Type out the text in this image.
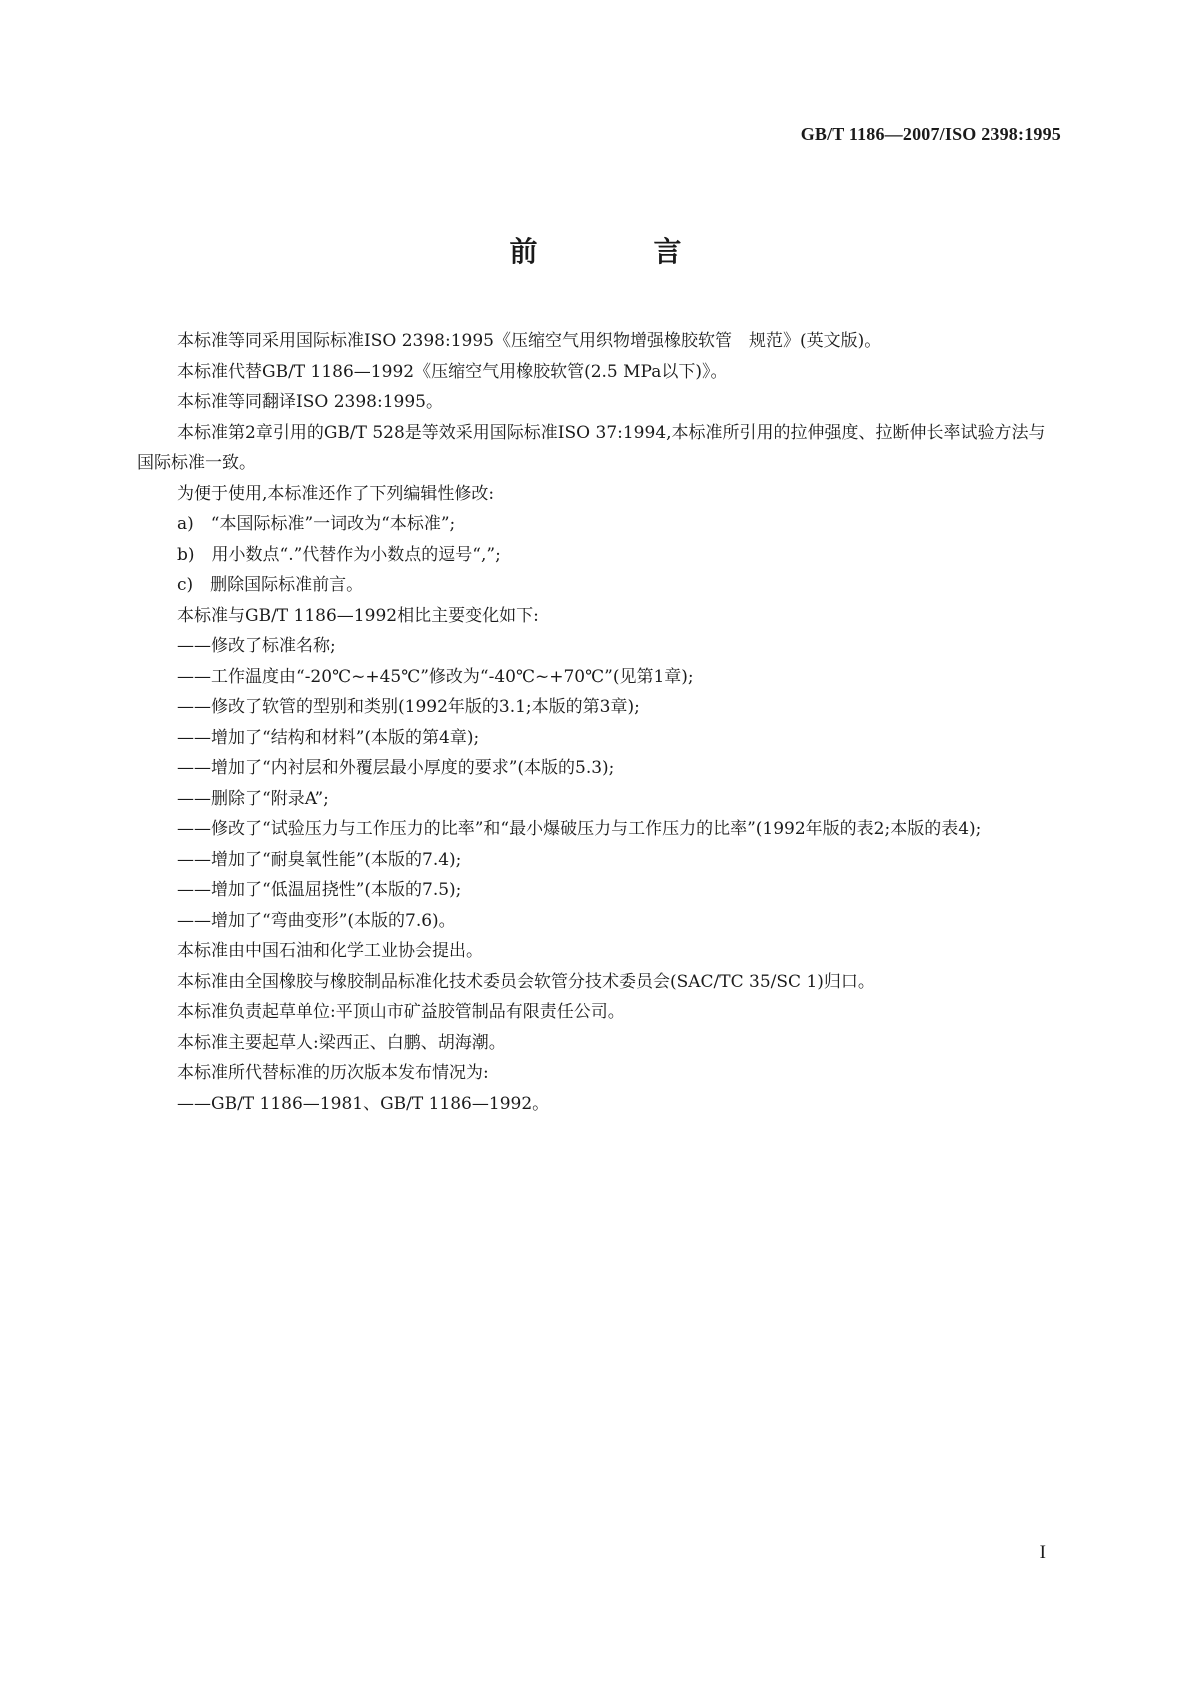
GB/T 1186—2007/ISO 2398:1995
前　言

本标准等同采用国际标准ISO 2398:1995《压缩空气用织物增强橡胶软管　规范》(英文版)。

本标准代替GB/T 1186—1992《压缩空气用橡胶软管(2.5 MPa以下)》。

本标准等同翻译ISO 2398:1995。

本标准第2章引用的GB/T 528是等效采用国际标准ISO 37:1994,本标准所引用的拉伸强度、拉断伸长率试验方法与国际标准一致。

为便于使用,本标准还作了下列编辑性修改:

a)　“本国际标准”一词改为“本标准”;

b)　用小数点“.”代替作为小数点的逗号“,”;

c)　删除国际标准前言。

本标准与GB/T 1186—1992相比主要变化如下:

——修改了标准名称;

——工作温度由“-20℃~+45℃”修改为“-40℃~+70℃”(见第1章);

——修改了软管的型别和类别(1992年版的3.1;本版的第3章);

——增加了“结构和材料”(本版的第4章);

——增加了“内衬层和外覆层最小厚度的要求”(本版的5.3);

——删除了“附录A”;

——修改了“试验压力与工作压力的比率”和“最小爆破压力与工作压力的比率”(1992年版的表2;本版的表4);

——增加了“耐臭氧性能”(本版的7.4);

——增加了“低温屈挠性”(本版的7.5);

——增加了“弯曲变形”(本版的7.6)。

本标准由中国石油和化学工业协会提出。

本标准由全国橡胶与橡胶制品标准化技术委员会软管分技术委员会(SAC/TC 35/SC 1)归口。

本标准负责起草单位:平顶山市矿益胶管制品有限责任公司。

本标准主要起草人:梁西正、白鹏、胡海潮。

本标准所代替标准的历次版本发布情况为:

——GB/T 1186—1981、GB/T 1186—1992。

I
